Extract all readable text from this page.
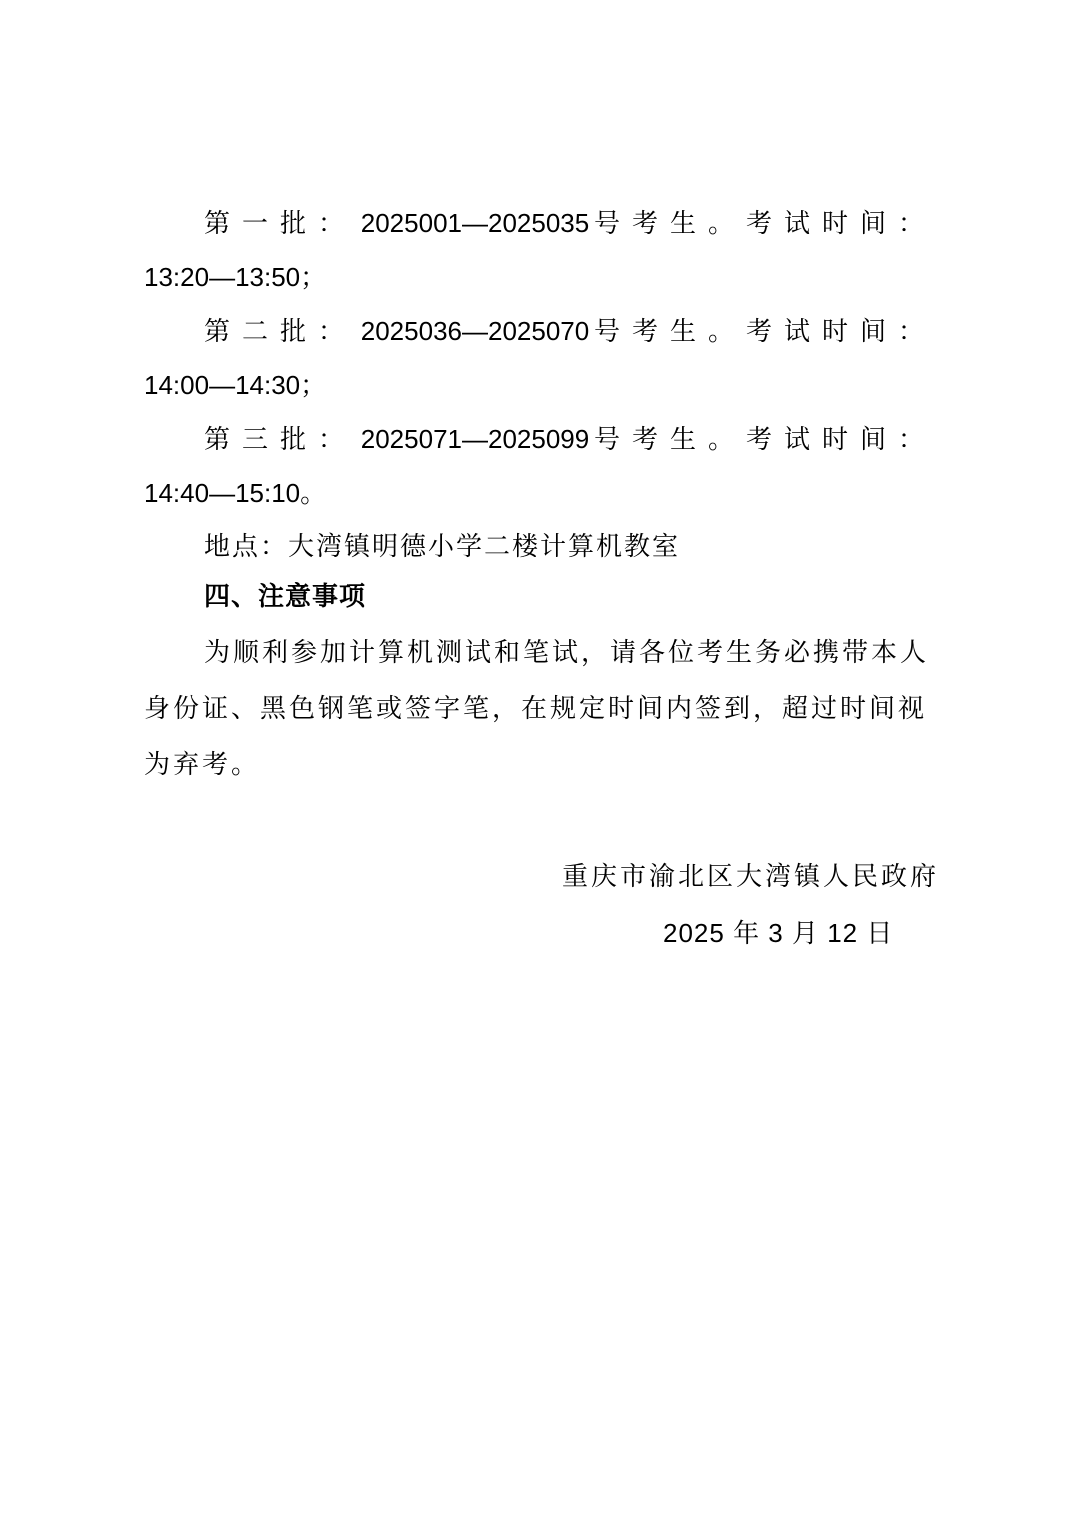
第一批： 2025001—2025035 号考生。考试时间：
13:20—13:50；
第二批： 2025036—2025070 号考生。考试时间：
14:00—14:30；
第三批： 2025071—2025099 号考生。考试时间：
14:40—15:10。
地点：大湾镇明德小学二楼计算机教室
四、注意事项
为顺利参加计算机测试和笔试，请各位考生务必携带本人
身份证、黑色钢笔或签字笔，在规定时间内签到，超过时间视
为弃考。
重庆市渝北区大湾镇人民政府
2025 年 3 月 12 日
